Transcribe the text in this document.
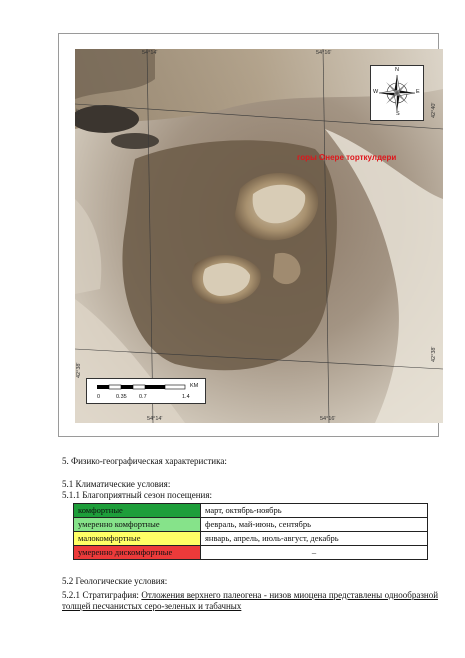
54°14'	54°16'
54°14'	54°16'
42°40'	42°40'
42°38'
42°38'
N
S
E
W
горы Онере торткулдери
0	0.35 0.7	1.4
KM
5. Физико-географическая характеристика:
5.1 Климатические условия:
5.1.1 Благоприятный сезон посещения:
комфортные	март, октябрь-ноябрь
умеренно комфортные	февраль, май-июнь, сентябрь
малокомфортные	январь, апрель, июль-август, декабрь
умеренно дискомфортные	–
5.2 Геологические условия:
5.2.1 Стратиграфия: Отложения верхнего палеогена - низов миоцена представлены однообразной толщей песчанистых серо-зеленых и табачных
